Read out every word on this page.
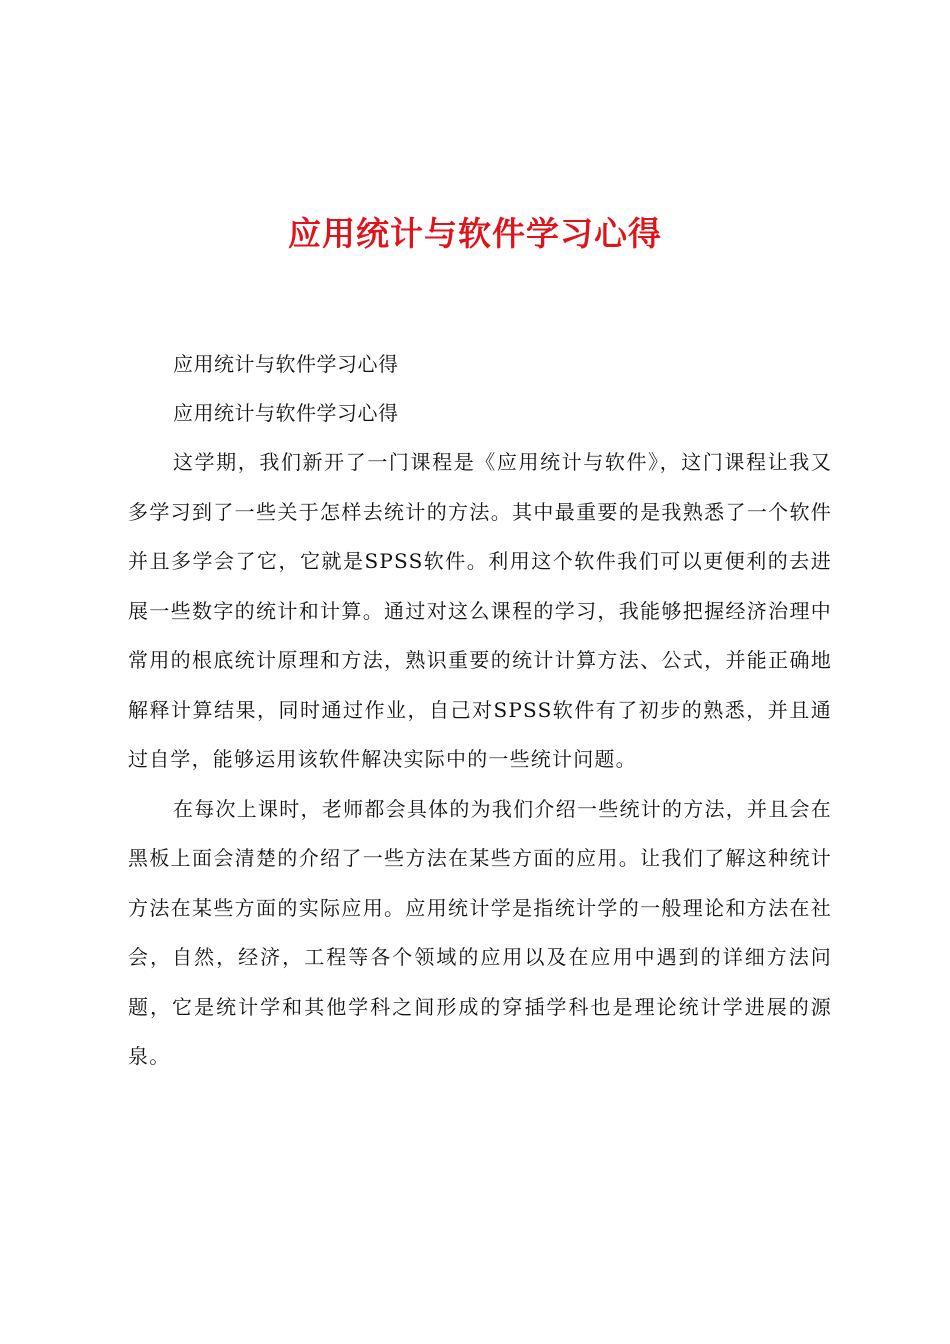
应用统计与软件学习心得

应用统计与软件学习心得

应用统计与软件学习心得

这学期，我们新开了一门课程是《应用统计与软件》，这门课程让我又多学习到了一些关于怎样去统计的方法。其中最重要的是我熟悉了一个软件并且多学会了它，它就是SPSS软件。利用这个软件我们可以更便利的去进展一些数字的统计和计算。通过对这么课程的学习，我能够把握经济治理中常用的根底统计原理和方法，熟识重要的统计计算方法、公式，并能正确地解释计算结果，同时通过作业，自己对SPSS软件有了初步的熟悉，并且通过自学，能够运用该软件解决实际中的一些统计问题。

在每次上课时，老师都会具体的为我们介绍一些统计的方法，并且会在黑板上面会清楚的介绍了一些方法在某些方面的应用。让我们了解这种统计方法在某些方面的实际应用。应用统计学是指统计学的一般理论和方法在社会，自然，经济，工程等各个领域的应用以及在应用中遇到的详细方法问题，它是统计学和其他学科之间形成的穿插学科也是理论统计学进展的源泉。
